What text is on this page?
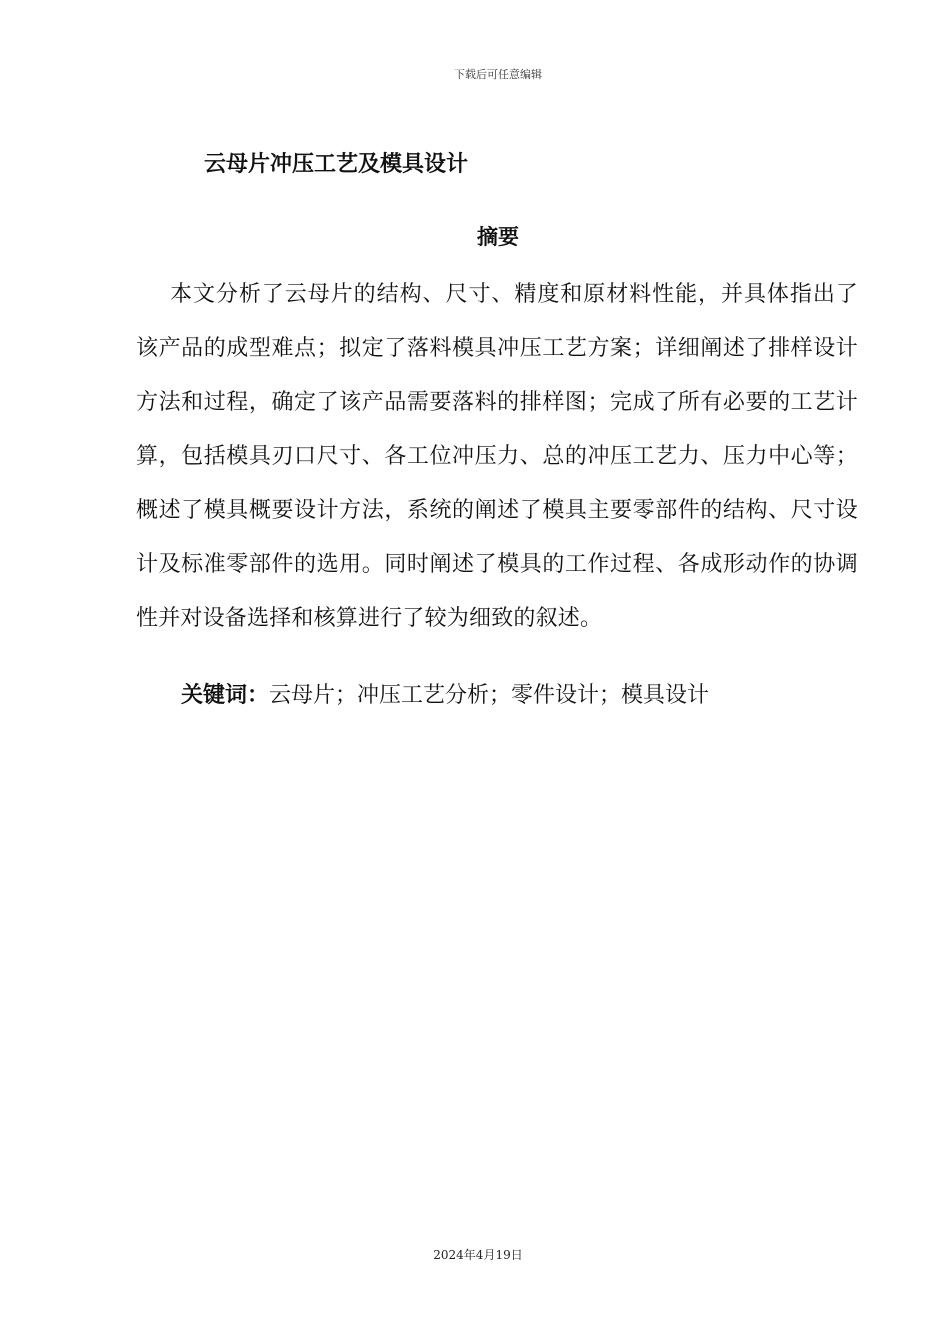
下载后可任意编辑
云母片冲压工艺及模具设计
摘要

本文分析了云母片的结构、尺寸、精度和原材料性能，并具体指出了该产品的成型难点；拟定了落料模具冲压工艺方案；详细阐述了排样设计方法和过程，确定了该产品需要落料的排样图；完成了所有必要的工艺计算，包括模具刃口尺寸、各工位冲压力、总的冲压工艺力、压力中心等；概述了模具概要设计方法，系统的阐述了模具主要零部件的结构、尺寸设计及标准零部件的选用。同时阐述了模具的工作过程、各成形动作的协调性并对设备选择和核算进行了较为细致的叙述。

关键词：云母片；冲压工艺分析；零件设计；模具设计
2024年4月19日
